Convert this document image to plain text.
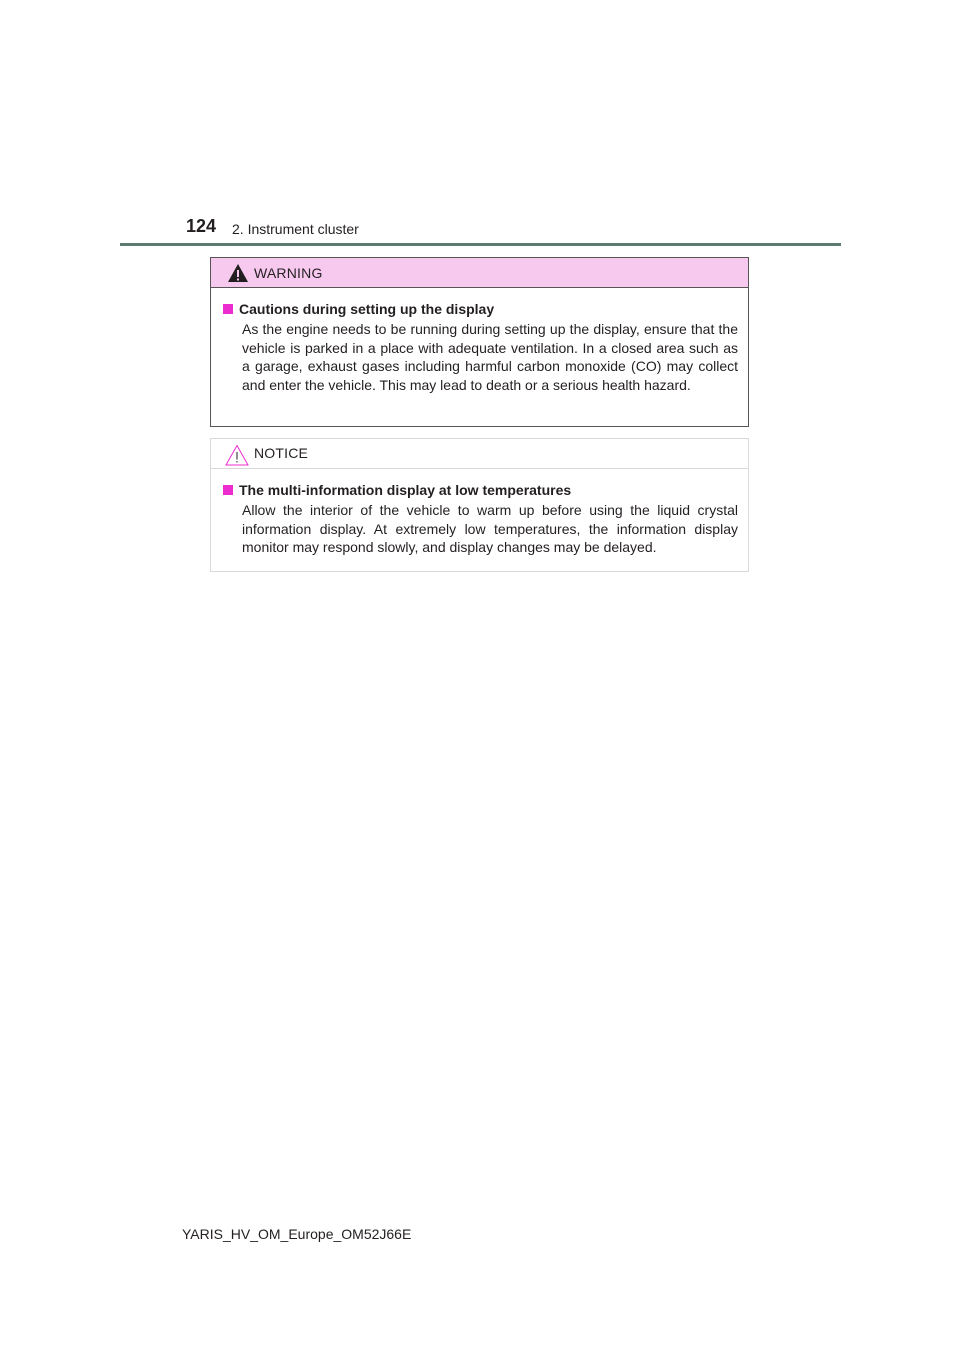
124 2. Instrument cluster
WARNING
Cautions during setting up the display

As the engine needs to be running during setting up the display, ensure that the vehicle is parked in a place with adequate ventilation. In a closed area such as a garage, exhaust gases including harmful carbon monoxide (CO) may collect and enter the vehicle. This may lead to death or a serious health hazard.

NOTICE
The multi-information display at low temperatures

Allow the interior of the vehicle to warm up before using the liquid crystal information display. At extremely low temperatures, the information display monitor may respond slowly, and display changes may be delayed.

YARIS_HV_OM_Europe_OM52J66E
